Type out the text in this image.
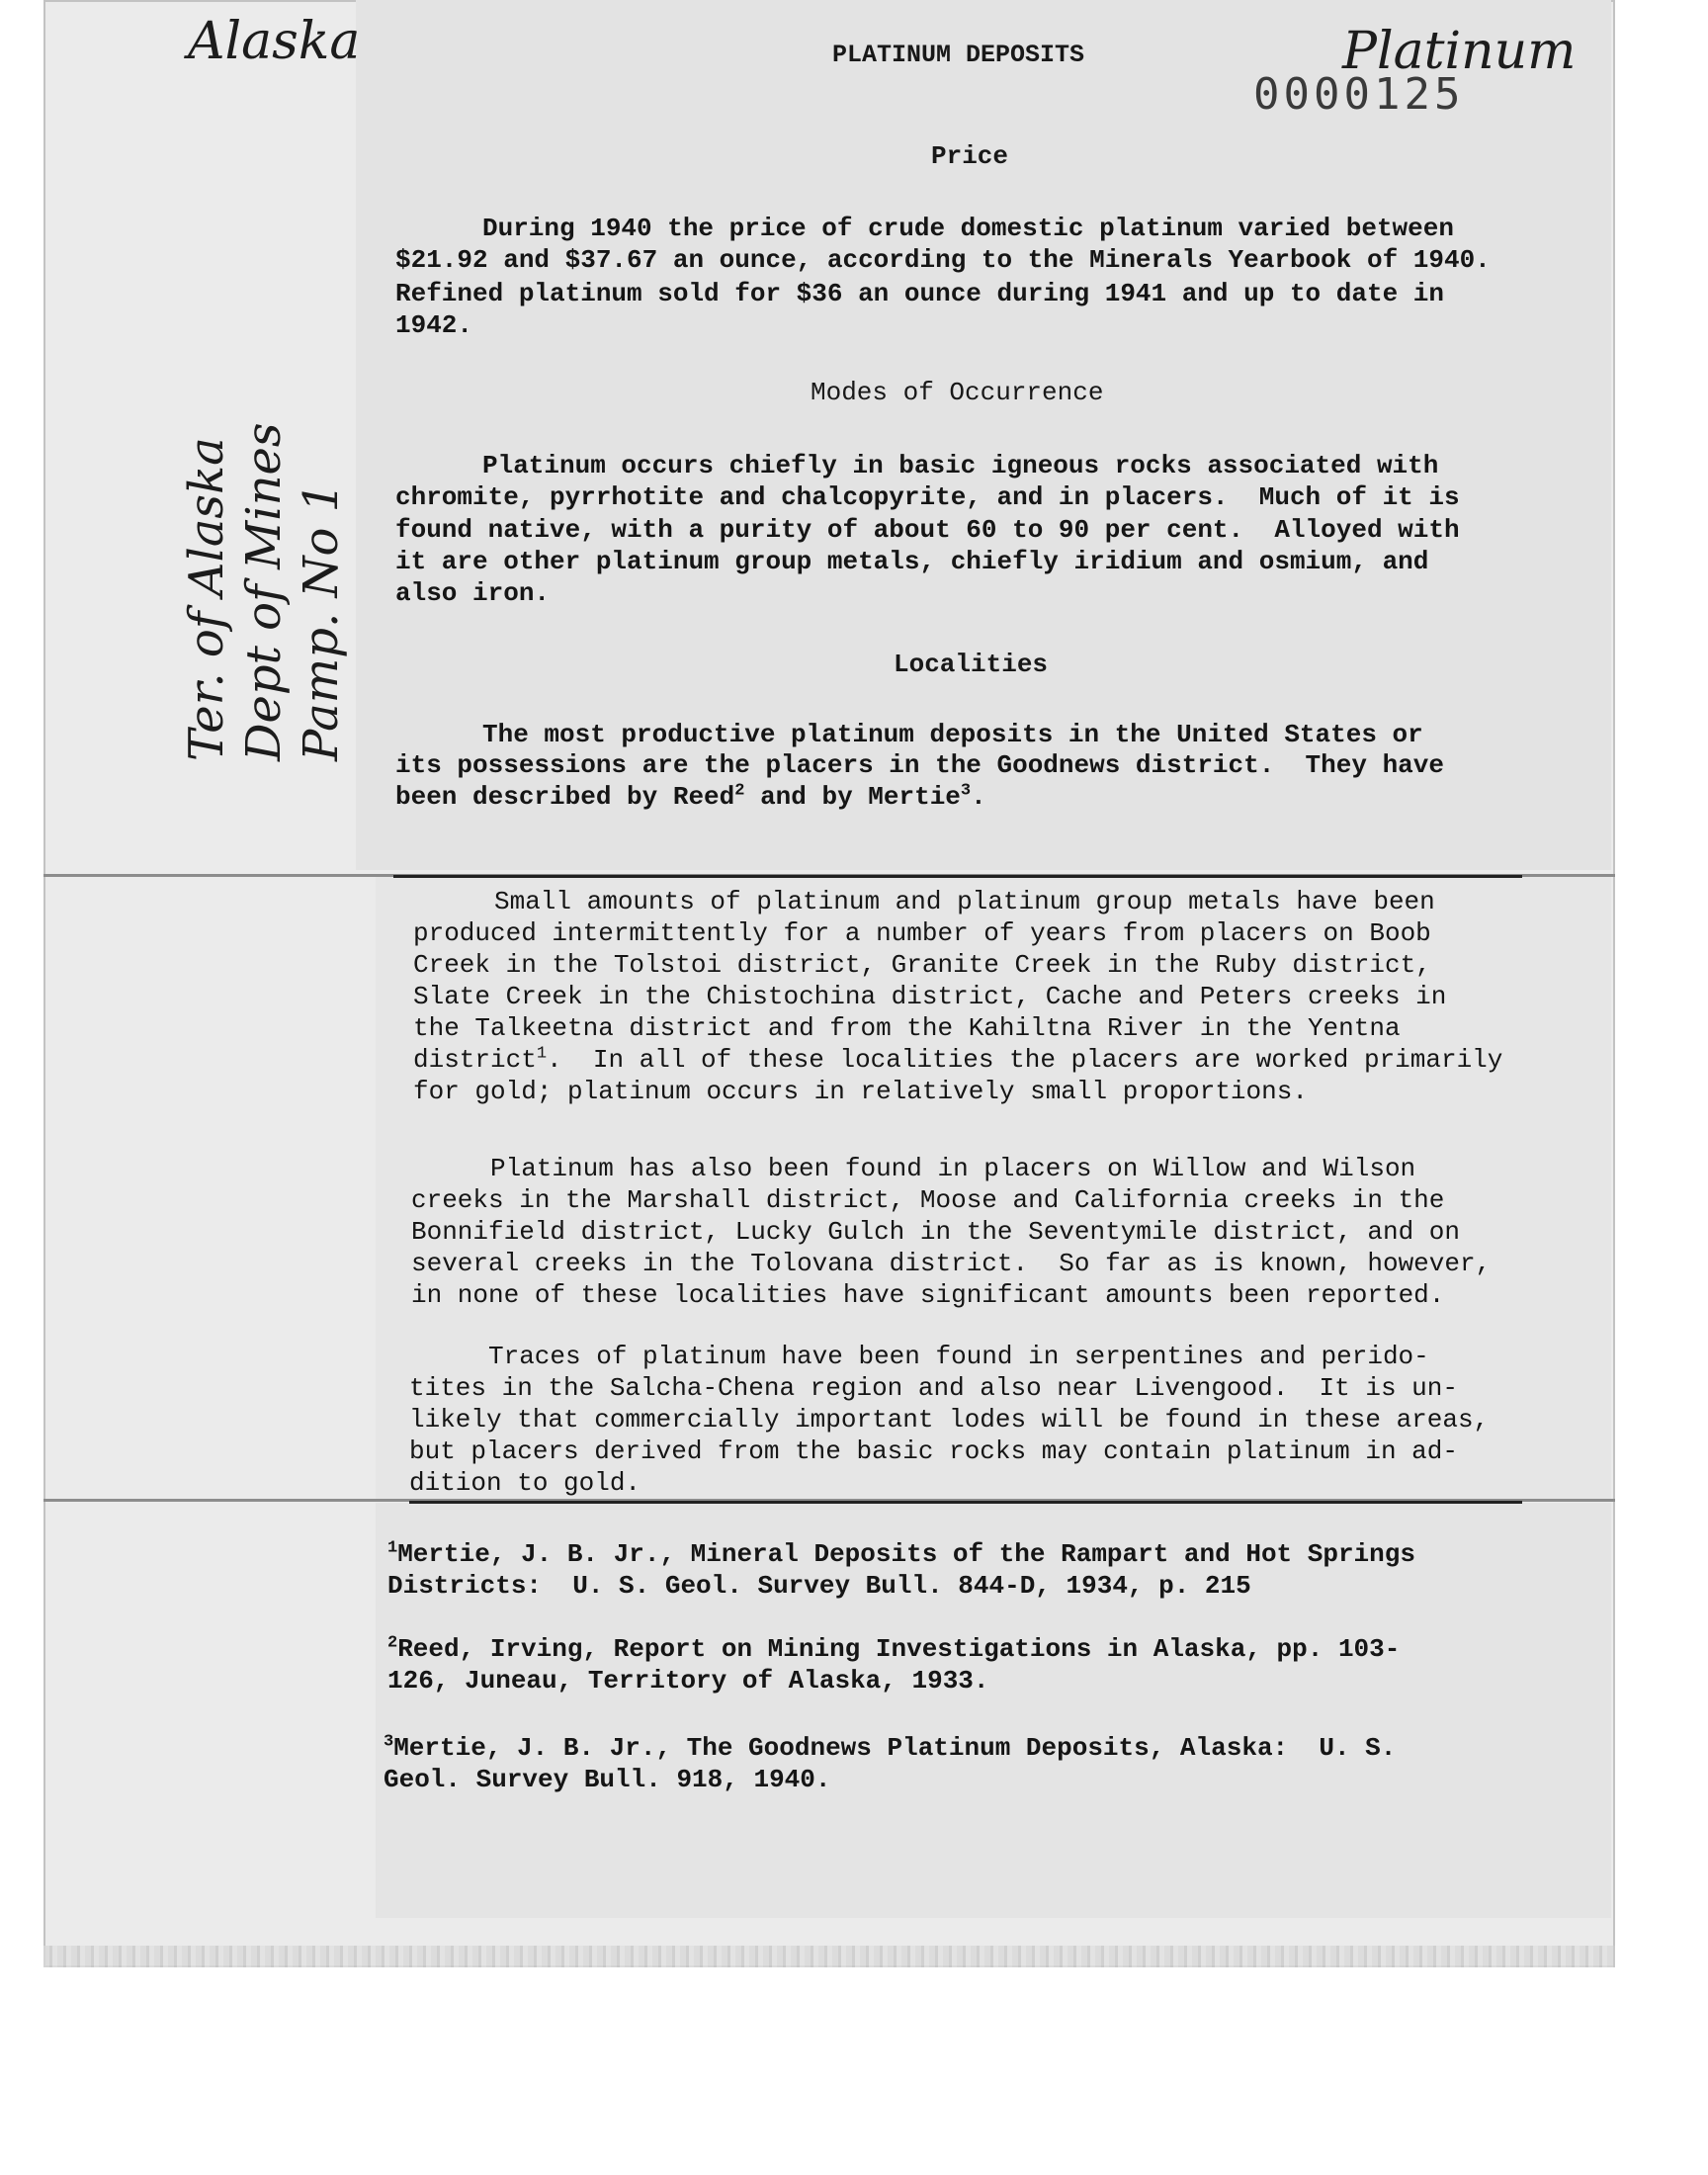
Alaska	Platinum
Ter. of Alaska Dept of Mines Pamp. No 1
PLATINUM DEPOSITS
0000125
Price
During 1940 the price of crude domestic platinum varied between
$21.92 and $37.67 an ounce, according to the Minerals Yearbook of 1940.
Refined platinum sold for $36 an ounce during 1941 and up to date in
1942.
Modes of Occurrence
Platinum occurs chiefly in basic igneous rocks associated with
chromite, pyrrhotite and chalcopyrite, and in placers.  Much of it is
found native, with a purity of about 60 to 90 per cent.  Alloyed with
it are other platinum group metals, chiefly iridium and osmium, and
also iron.
Localities
The most productive platinum deposits in the United States or
its possessions are the placers in the Goodnews district.  They have
been described by Reed$^2$ and by Mertie$^3$.
Small amounts of platinum and platinum group metals have been
produced intermittently for a number of years from placers on Boob
Creek in the Tolstoi district, Granite Creek in the Ruby district,
Slate Creek in the Chistochina district, Cache and Peters creeks in
the Talkeetna district and from the Kahiltna River in the Yentna
district$^1$.  In all of these localities the placers are worked primarily
for gold; platinum occurs in relatively small proportions.
Platinum has also been found in placers on Willow and Wilson
creeks in the Marshall district, Moose and California creeks in the
Bonnifield district, Lucky Gulch in the Seventymile district, and on
several creeks in the Tolovana district.  So far as is known, however,
in none of these localities have significant amounts been reported.
Traces of platinum have been found in serpentines and perido-
tites in the Salcha-Chena region and also near Livengood.  It is un-
likely that commercially important lodes will be found in these areas,
but placers derived from the basic rocks may contain platinum in ad-
dition to gold.
$^1$Mertie, J. B. Jr., Mineral Deposits of the Rampart and Hot Springs
Districts:  U. S. Geol. Survey Bull. 844-D, 1934, p. 215
$^2$Reed, Irving, Report on Mining Investigations in Alaska, pp. 103-
126, Juneau, Territory of Alaska, 1933.
$^3$Mertie, J. B. Jr., The Goodnews Platinum Deposits, Alaska:  U. S.
Geol. Survey Bull. 918, 1940.
